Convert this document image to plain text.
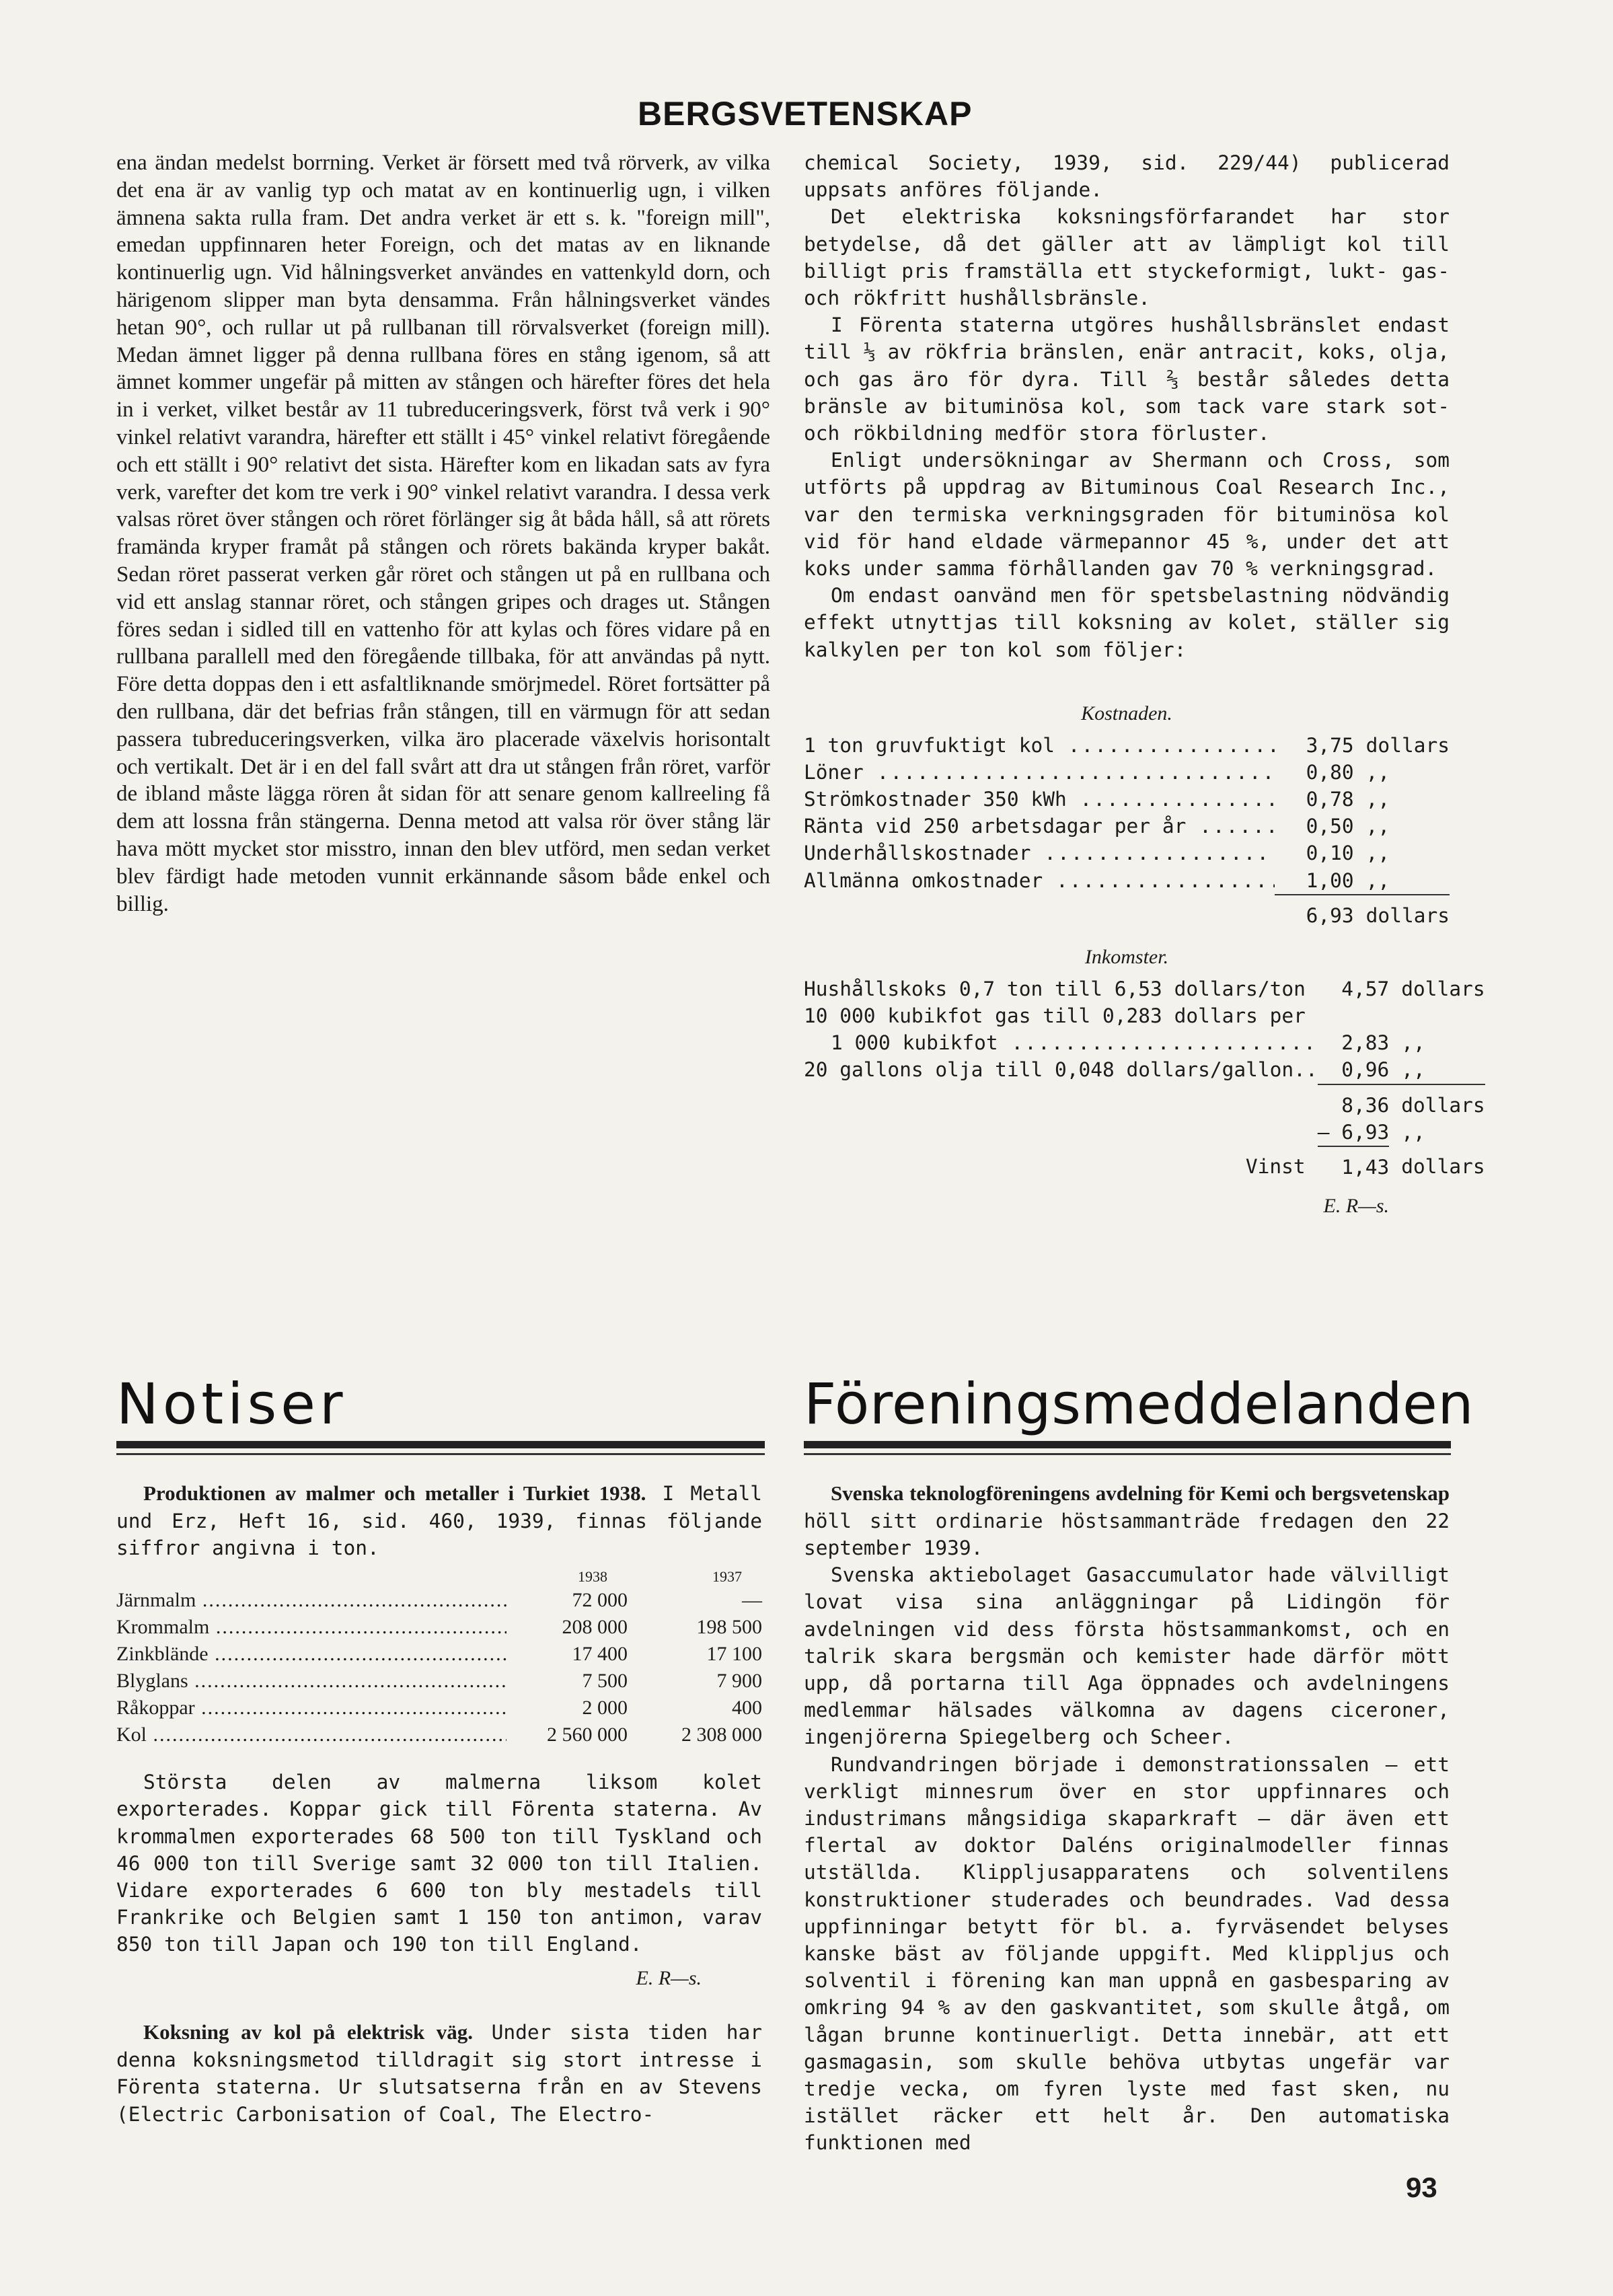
BERGSVETENSKAP

ena ändan medelst borrning. Verket är försett med två rörverk, av vilka det ena är av vanlig typ och matat av en kontinuerlig ugn, i vilken ämnena sakta rulla fram. Det andra verket är ett s. k. "foreign mill", emedan uppfinnaren heter Foreign, och det matas av en liknande kontinuerlig ugn. Vid hålningsverket användes en vattenkyld dorn, och härigenom slipper man byta densamma. Från hålningsverket vändes hetan 90°, och rullar ut på rullbanan till rörvalsverket (foreign mill). Medan ämnet ligger på denna rullbana föres en stång igenom, så att ämnet kommer ungefär på mitten av stången och härefter föres det hela in i verket, vilket består av 11 tubreduceringsverk, först två verk i 90° vinkel relativt varandra, härefter ett ställt i 45° vinkel relativt föregående och ett ställt i 90° relativt det sista. Härefter kom en likadan sats av fyra verk, varefter det kom tre verk i 90° vinkel relativt varandra. I dessa verk valsas röret över stången och röret förlänger sig åt båda håll, så att rörets framända kryper framåt på stången och rörets bakända kryper bakåt. Sedan röret passerat verken går röret och stången ut på en rullbana och vid ett anslag stannar röret, och stången gripes och drages ut. Stången föres sedan i sidled till en vattenho för att kylas och föres vidare på en rullbana parallell med den föregående tillbaka, för att användas på nytt. Före detta doppas den i ett asfaltliknande smörjmedel. Röret fortsätter på den rullbana, där det befrias från stången, till en värmugn för att sedan passera tubreduceringsverken, vilka äro placerade växelvis horisontalt och vertikalt. Det är i en del fall svårt att dra ut stången från röret, varför de ibland måste lägga rören åt sidan för att senare genom kallreeling få dem att lossna från stängerna. Denna metod att valsa rör över stång lär hava mött mycket stor misstro, innan den blev utförd, men sedan verket blev färdigt hade metoden vunnit erkännande såsom både enkel och billig.

chemical Society, 1939, sid. 229/44) publicerad uppsats anföres följande.

Det elektriska koksningsförfarandet har stor betydelse, då det gäller att av lämpligt kol till billigt pris framställa ett styckeformigt, lukt- gas- och rökfritt hushållsbränsle.

I Förenta staterna utgöres hushållsbränslet endast till ⅓ av rökfria bränslen, enär antracit, koks, olja, och gas äro för dyra. Till ⅔ består således detta bränsle av bituminösa kol, som tack vare stark sot- och rökbildning medför stora förluster.

Enligt undersökningar av Shermann och Cross, som utförts på uppdrag av Bituminous Coal Research Inc., var den termiska verkningsgraden för bituminösa kol vid för hand eldade värmepannor 45 %, under det att koks under samma förhållanden gav 70 % verkningsgrad.

Om endast oanvänd men för spetsbelastning nödvändig effekt utnyttjas till koksning av kolet, ställer sig kalkylen per ton kol som följer:

Kostnaden.

1 ton gruvfuktigt kol .....	3,75	dollars
Löner .....	0,80	,,
Strömkostnader 350 kWh .....	0,78	,,
Ränta vid 250 arbetsdagar per år .....	0,50	,,
Underhållskostnader .....	0,10	,,
Allmänna omkostnader .....	1,00	,,
	6,93	dollars

Inkomster.

Hushållskoks 0,7 ton till 6,53 dollars/ton	4,57	dollars
10 000 kubikfot gas till 0,283 dollars per		
1 000 kubikfot .....	2,83	,,
20 gallons olja till 0,048 dollars/gallon..	0,96	,,
	8,36	dollars
	— 6,93	,,
Vinst	1,43	dollars

E. R—s.

Notiser	Föreningsmeddelanden

Produktionen av malmer och metaller i Turkiet 1938. I Metall und Erz, Heft 16, sid. 460, 1939, finnas följande siffror angivna i ton.

	1938	1937
Järnmalm .....	72 000	—
Krommalm .....	208 000	198 500
Zinkblände .....	17 400	17 100
Blyglans .....	7 500	7 900
Råkoppar .....	2 000	400
Kol .....	2 560 000	2 308 000

Största delen av malmerna liksom kolet exporterades. Koppar gick till Förenta staterna. Av krommalmen exporterades 68 500 ton till Tyskland och 46 000 ton till Sverige samt 32 000 ton till Italien. Vidare exporterades 6 600 ton bly mestadels till Frankrike och Belgien samt 1 150 ton antimon, varav 850 ton till Japan och 190 ton till England.

E. R—s.

Koksning av kol på elektrisk väg. Under sista tiden har denna koksningsmetod tilldragit sig stort intresse i Förenta staterna. Ur slutsatserna från en av Stevens (Electric Carbonisation of Coal, The Electro-

Svenska teknologföreningens avdelning för Kemi och bergsvetenskap höll sitt ordinarie höstsammanträde fredagen den 22 september 1939.

Svenska aktiebolaget Gasaccumulator hade välvilligt lovat visa sina anläggningar på Lidingön för avdelningen vid dess första höstsammankomst, och en talrik skara bergsmän och kemister hade därför mött upp, då portarna till Aga öppnades och avdelningens medlemmar hälsades välkomna av dagens ciceroner, ingenjörerna Spiegelberg och Scheer.

Rundvandringen började i demonstrationssalen — ett verkligt minnesrum över en stor uppfinnares och industrimans mångsidiga skaparkraft — där även ett flertal av doktor Daléns originalmodeller finnas utställda. Klippljusapparatens och solventilens konstruktioner studerades och beundrades. Vad dessa uppfinningar betytt för bl. a. fyrväsendet belyses kanske bäst av följande uppgift. Med klippljus och solventil i förening kan man uppnå en gasbesparing av omkring 94 % av den gaskvantitet, som skulle åtgå, om lågan brunne kontinuerligt. Detta innebär, att ett gasmagasin, som skulle behöva utbytas ungefär var tredje vecka, om fyren lyste med fast sken, nu istället räcker ett helt år. Den automatiska funktionen med

93
